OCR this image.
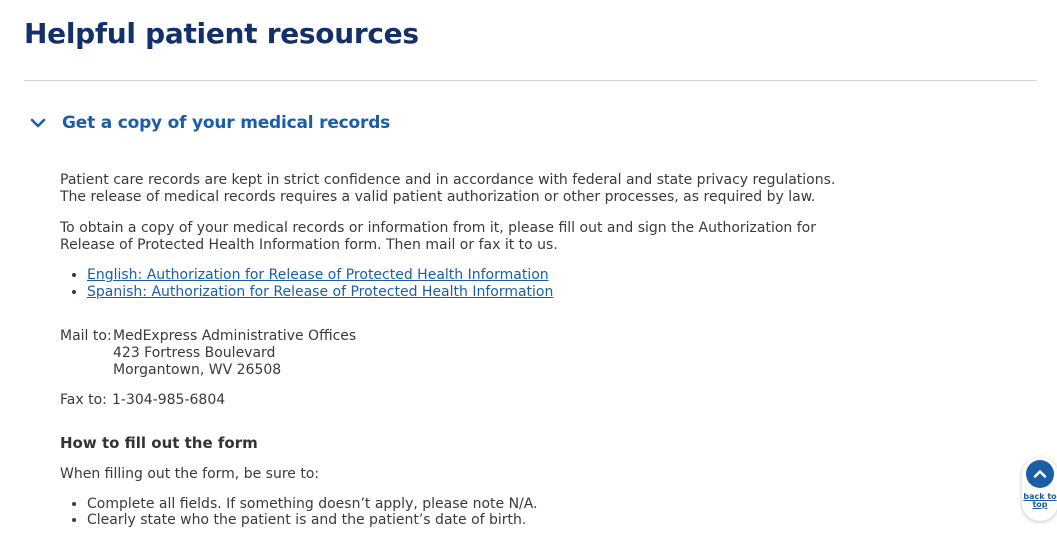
Helpful patient resources
Get a copy of your medical records

Patient care records are kept in strict confidence and in accordance with federal and state privacy regulations. The release of medical records requires a valid patient authorization or other processes, as required by law.

To obtain a copy of your medical records or information from it, please fill out and sign the Authorization for Release of Protected Health Information form. Then mail or fax it to us.

• English: Authorization for Release of Protected Health Information
• Spanish: Authorization for Release of Protected Health Information
Mail to: MedExpress Administrative Offices
423 Fortress Boulevard
Morgantown, WV 26508
Fax to: 1-304-985-6804
How to fill out the form

When filling out the form, be sure to:

• Complete all fields. If something doesn’t apply, please note N/A.
• Clearly state who the patient is and the patient’s date of birth.
back to top
